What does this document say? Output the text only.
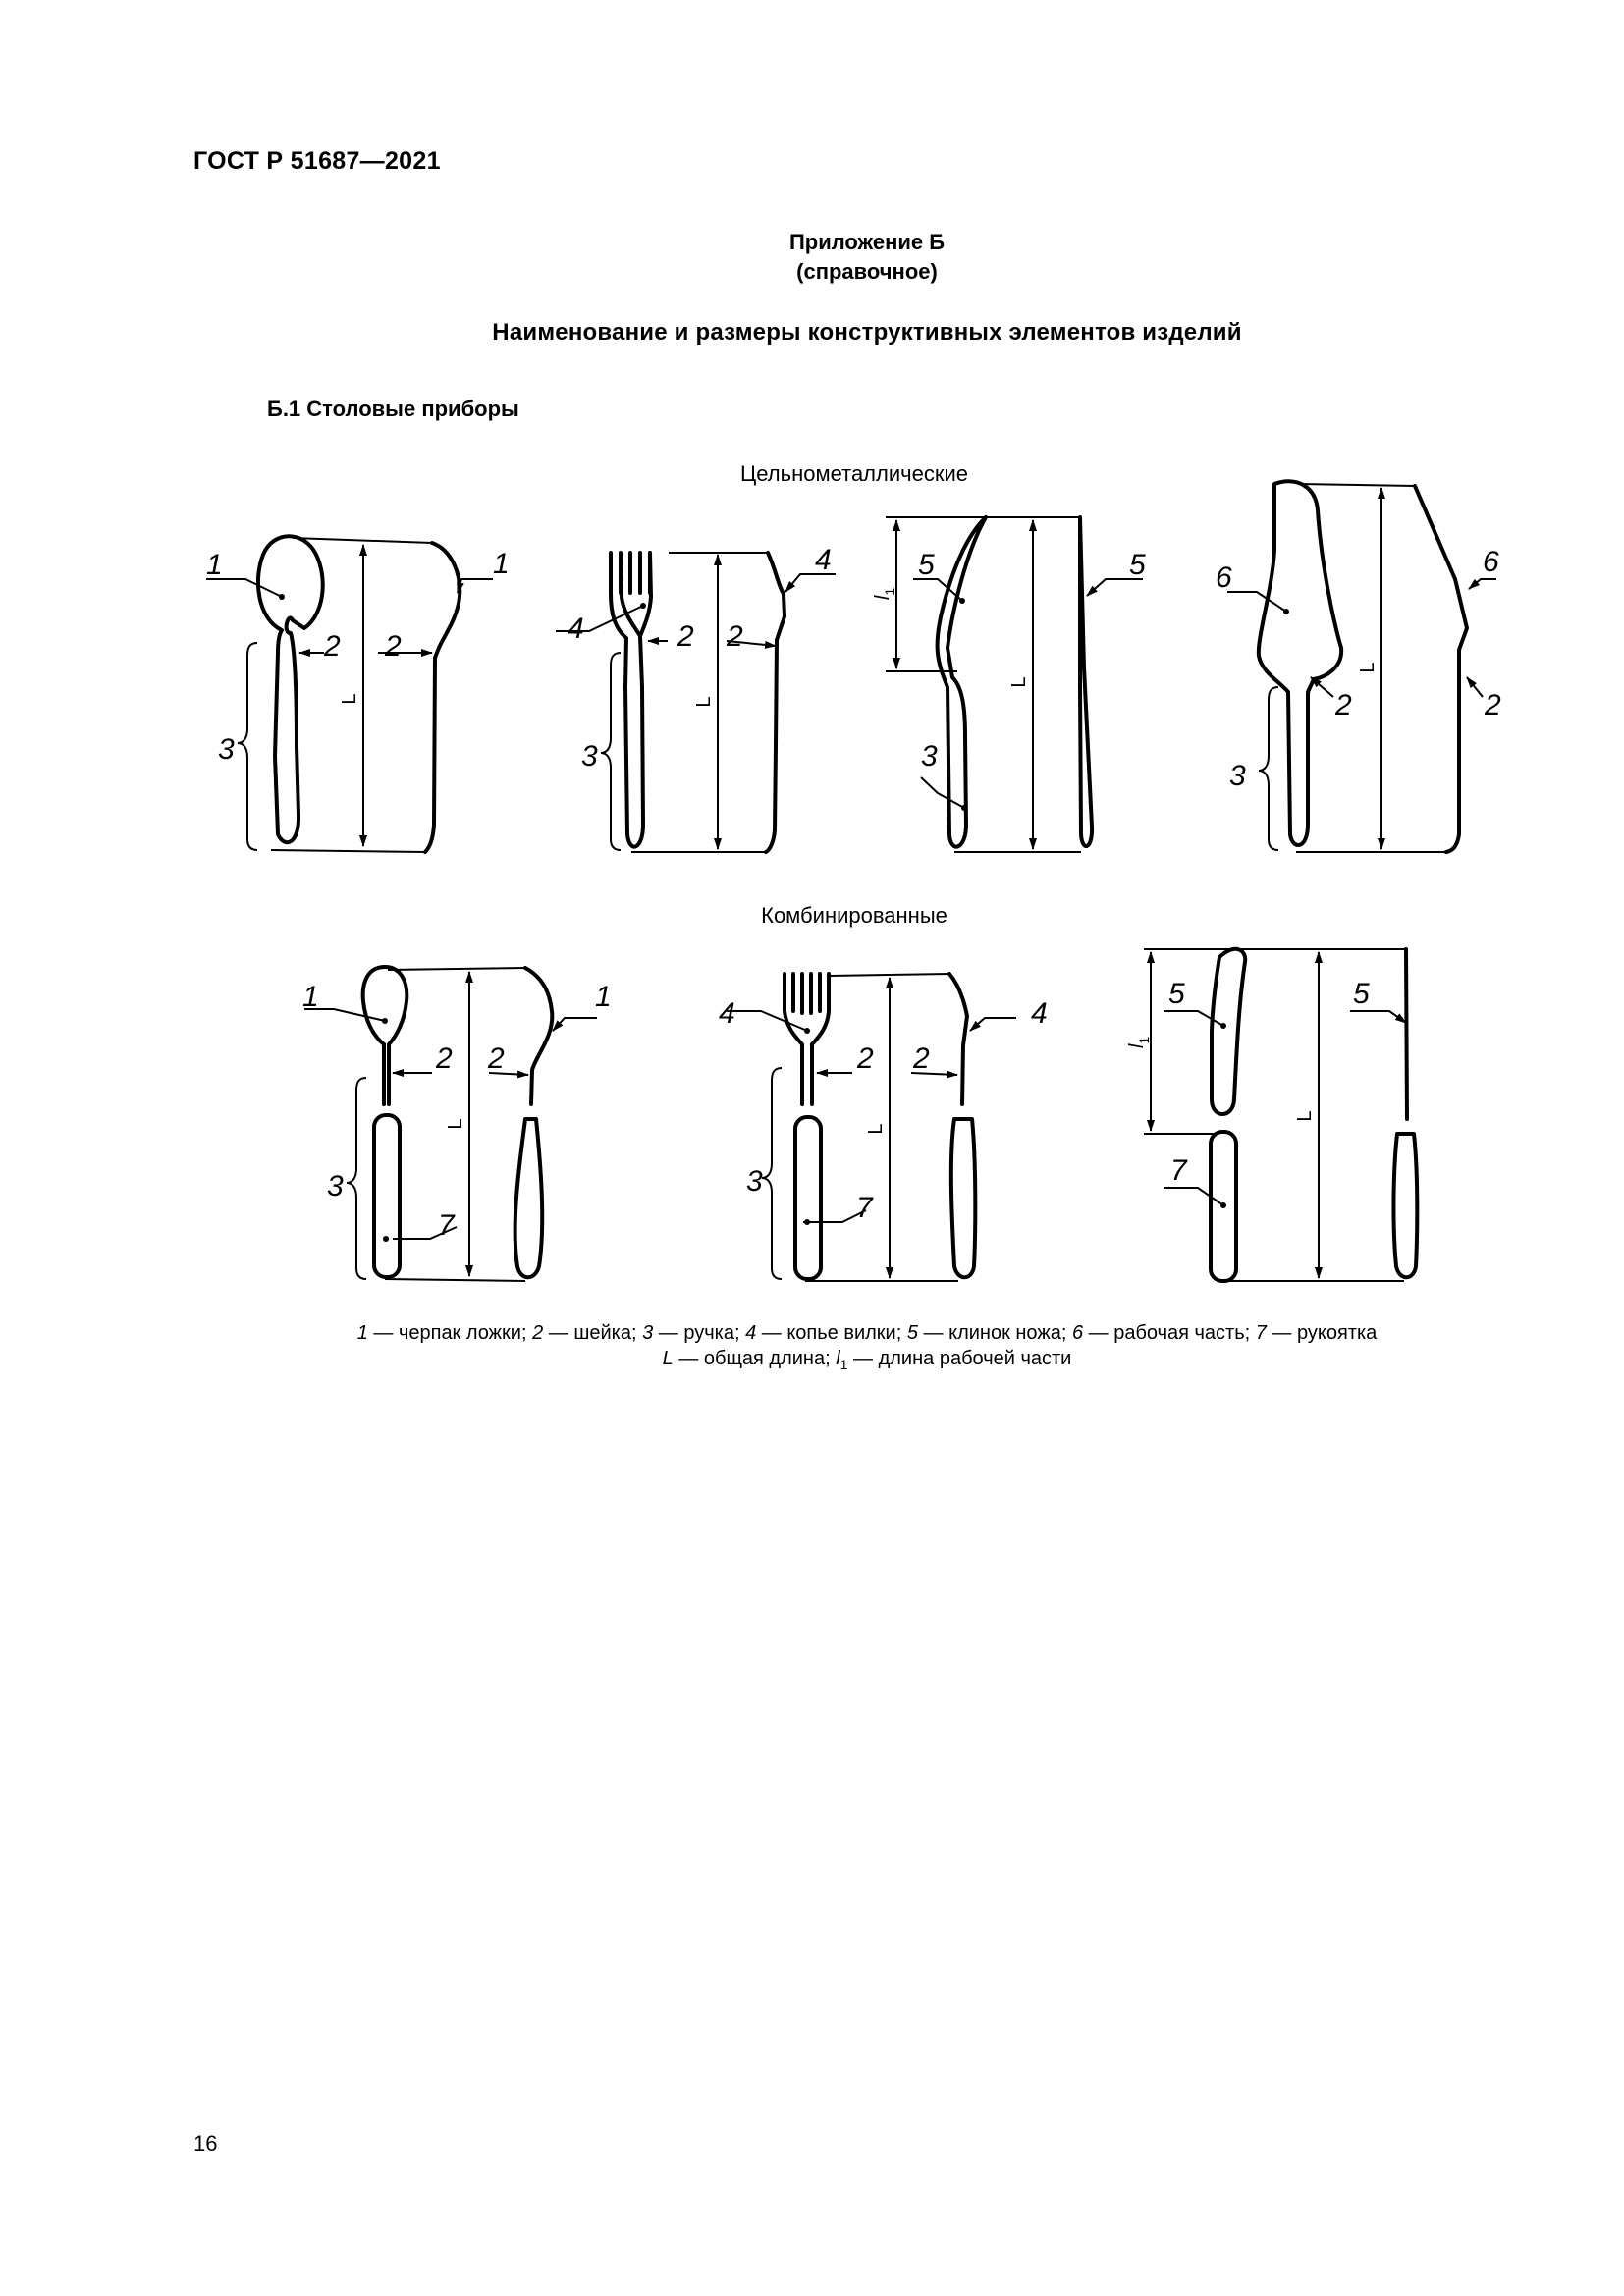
ГОСТ Р 51687—2021
Приложение Б
(справочное)
Наименование и размеры конструктивных элементов изделий
Б.1 Столовые приборы
Цельнометаллические
Комбинированные
1
2 2
1
3
4	2 2
4
3
5	5
3
6	6
2	2
3
1	1
2 2
3
7
4	4
2 2
3
7
5	5
7
L	L
L
L
$l_1$
L	L
L
$l_1$
1 — черпак ложки; 2 — шейка; 3 — ручка; 4 — копье вилки; 5 — клинок ножа; 6 — рабочая часть; 7 — рукоятка
L — общая длина; $l_1$ — длина рабочей части
16
